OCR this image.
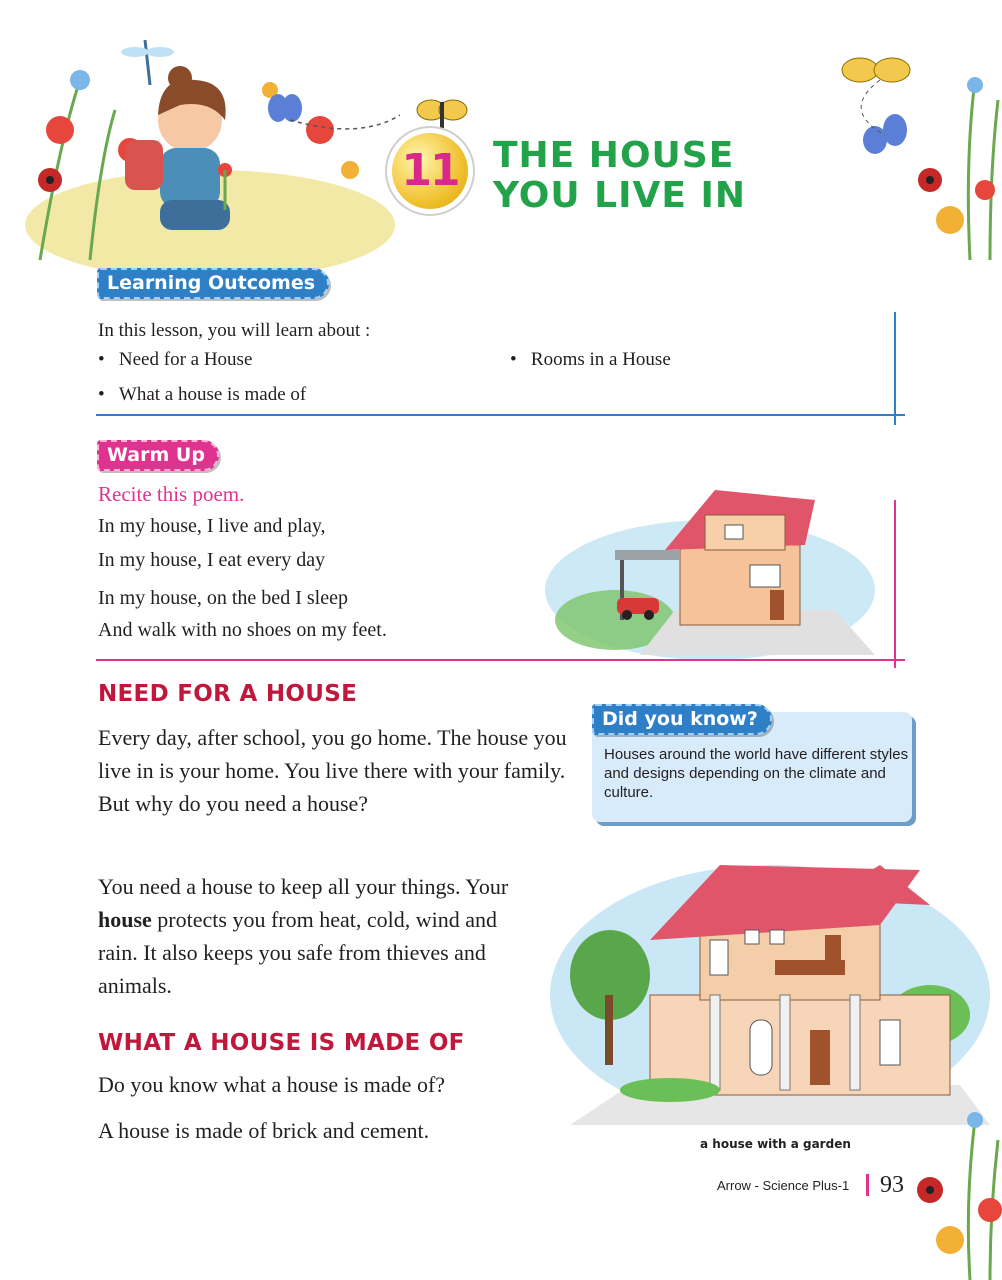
11 THE HOUSE
YOU LIVE IN
Learning Outcomes
In this lesson, you will learn about :
•   Need for a House
•   What a house is made of
•   Rooms in a House
Warm Up
Recite this poem.
In my house, I live and play,
In my house, I eat every day
In my house, on the bed I sleep
And walk with no shoes on my feet.
NEED FOR A HOUSE
Every day, after school, you go home. The house you live in is your home. You live there with your family. But why do you need a house?
You need a house to keep all your things. Your house protects you from heat, cold, wind and rain. It also keeps you safe from thieves and animals.
Did you know?
Houses around the world have different styles and designs depending on the climate and culture.
a house with a garden
WHAT A HOUSE IS MADE OF
Do you know what a house is made of?
A house is made of brick and cement.
Arrow - Science Plus-1 93
